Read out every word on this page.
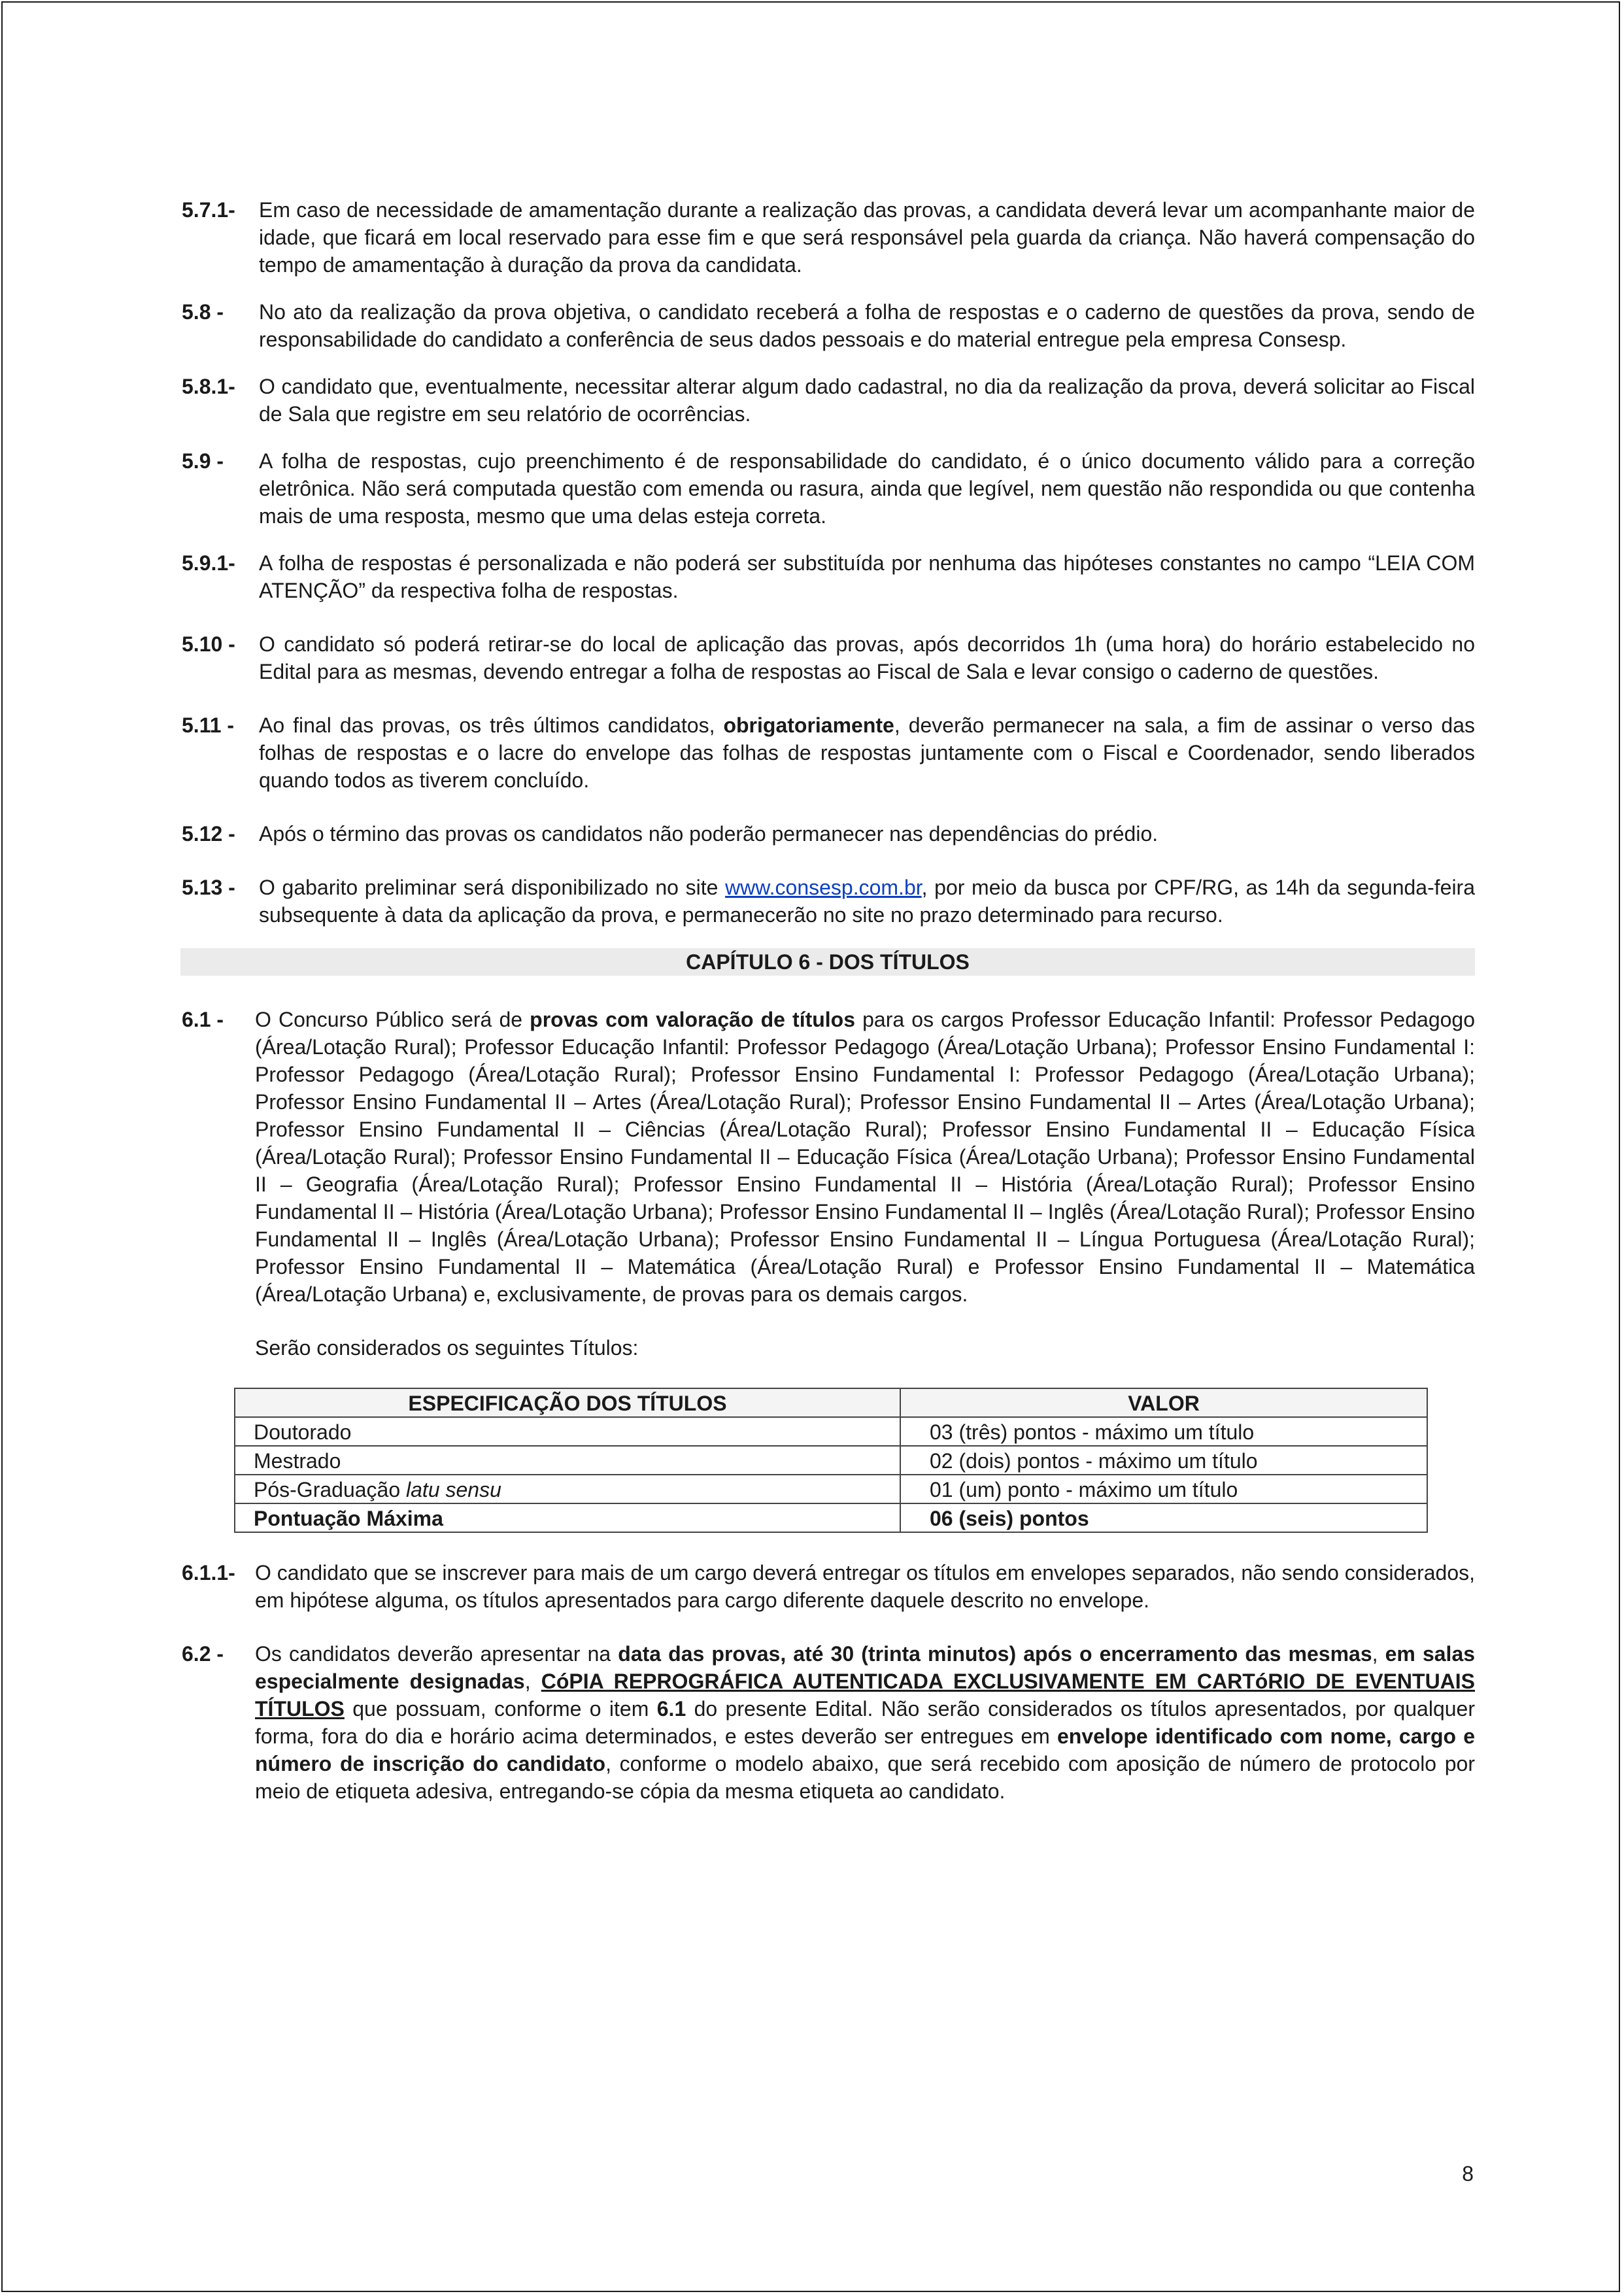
5.7.1-	Em caso de necessidade de amamentação durante a realização das provas, a candidata deverá levar um acompanhante maior de idade, que ficará em local reservado para esse fim e que será responsável pela guarda da criança. Não haverá compensação do tempo de amamentação à duração da prova da candidata.
5.8 -	No ato da realização da prova objetiva, o candidato receberá a folha de respostas e o caderno de questões da prova, sendo de responsabilidade do candidato a conferência de seus dados pessoais e do material entregue pela empresa Consesp.
5.8.1-	O candidato que, eventualmente, necessitar alterar algum dado cadastral, no dia da realização da prova, deverá solicitar ao Fiscal de Sala que registre em seu relatório de ocorrências.
5.9 -	A folha de respostas, cujo preenchimento é de responsabilidade do candidato, é o único documento válido para a correção eletrônica. Não será computada questão com emenda ou rasura, ainda que legível, nem questão não respondida ou que contenha mais de uma resposta, mesmo que uma delas esteja correta.
5.9.1-	A folha de respostas é personalizada e não poderá ser substituída por nenhuma das hipóteses constantes no campo “LEIA COM ATENÇÃO” da respectiva folha de respostas.
5.10 -	O candidato só poderá retirar-se do local de aplicação das provas, após decorridos 1h (uma hora) do horário estabelecido no Edital para as mesmas, devendo entregar a folha de respostas ao Fiscal de Sala e levar consigo o caderno de questões.
5.11 -	Ao final das provas, os três últimos candidatos, obrigatoriamente, deverão permanecer na sala, a fim de assinar o verso das folhas de respostas e o lacre do envelope das folhas de respostas juntamente com o Fiscal e Coordenador, sendo liberados quando todos as tiverem concluído.
5.12 -	Após o término das provas os candidatos não poderão permanecer nas dependências do prédio.
5.13 -	O gabarito preliminar será disponibilizado no site www.consesp.com.br, por meio da busca por CPF/RG, as 14h da segunda-feira subsequente à data da aplicação da prova, e permanecerão no site no prazo determinado para recurso.
CAPÍTULO 6 - DOS TÍTULOS
6.1 -	O Concurso Público será de provas com valoração de títulos para os cargos Professor Educação Infantil: Professor Pedagogo (Área/Lotação Rural); Professor Educação Infantil: Professor Pedagogo (Área/Lotação Urbana); Professor Ensino Fundamental I: Professor Pedagogo (Área/Lotação Rural); Professor Ensino Fundamental I: Professor Pedagogo (Área/Lotação Urbana); Professor Ensino Fundamental II – Artes (Área/Lotação Rural); Professor Ensino Fundamental II – Artes (Área/Lotação Urbana); Professor Ensino Fundamental II – Ciências (Área/Lotação Rural); Professor Ensino Fundamental II – Educação Física (Área/Lotação Rural); Professor Ensino Fundamental II – Educação Física (Área/Lotação Urbana); Professor Ensino Fundamental II – Geografia (Área/Lotação Rural); Professor Ensino Fundamental II – História (Área/Lotação Rural); Professor Ensino Fundamental II – História (Área/Lotação Urbana); Professor Ensino Fundamental II – Inglês (Área/Lotação Rural); Professor Ensino Fundamental II – Inglês (Área/Lotação Urbana); Professor Ensino Fundamental II – Língua Portuguesa (Área/Lotação Rural); Professor Ensino Fundamental II – Matemática (Área/Lotação Rural) e Professor Ensino Fundamental II – Matemática (Área/Lotação Urbana) e, exclusivamente, de provas para os demais cargos.

Serão considerados os seguintes Títulos:

ESPECIFICAÇÃO DOS TÍTULOS	VALOR
Doutorado	03 (três) pontos - máximo um título
Mestrado	02 (dois) pontos - máximo um título
Pós-Graduação latu sensu	01 (um) ponto - máximo um título
Pontuação Máxima	06 (seis) pontos
6.1.1- O candidato que se inscrever para mais de um cargo deverá entregar os títulos em envelopes separados, não sendo considerados, em hipótese alguma, os títulos apresentados para cargo diferente daquele descrito no envelope.
6.2 -	Os candidatos deverão apresentar na data das provas, até 30 (trinta minutos) após o encerramento das mesmas, em salas especialmente designadas, CóPIA REPROGRÁFICA AUTENTICADA EXCLUSIVAMENTE EM CARTóRIO DE EVENTUAIS TÍTULOS que possuam, conforme o item 6.1 do presente Edital. Não serão considerados os títulos apresentados, por qualquer forma, fora do dia e horário acima determinados, e estes deverão ser entregues em envelope identificado com nome, cargo e número de inscrição do candidato, conforme o modelo abaixo, que será recebido com aposição de número de protocolo por meio de etiqueta adesiva, entregando-se cópia da mesma etiqueta ao candidato.
8
